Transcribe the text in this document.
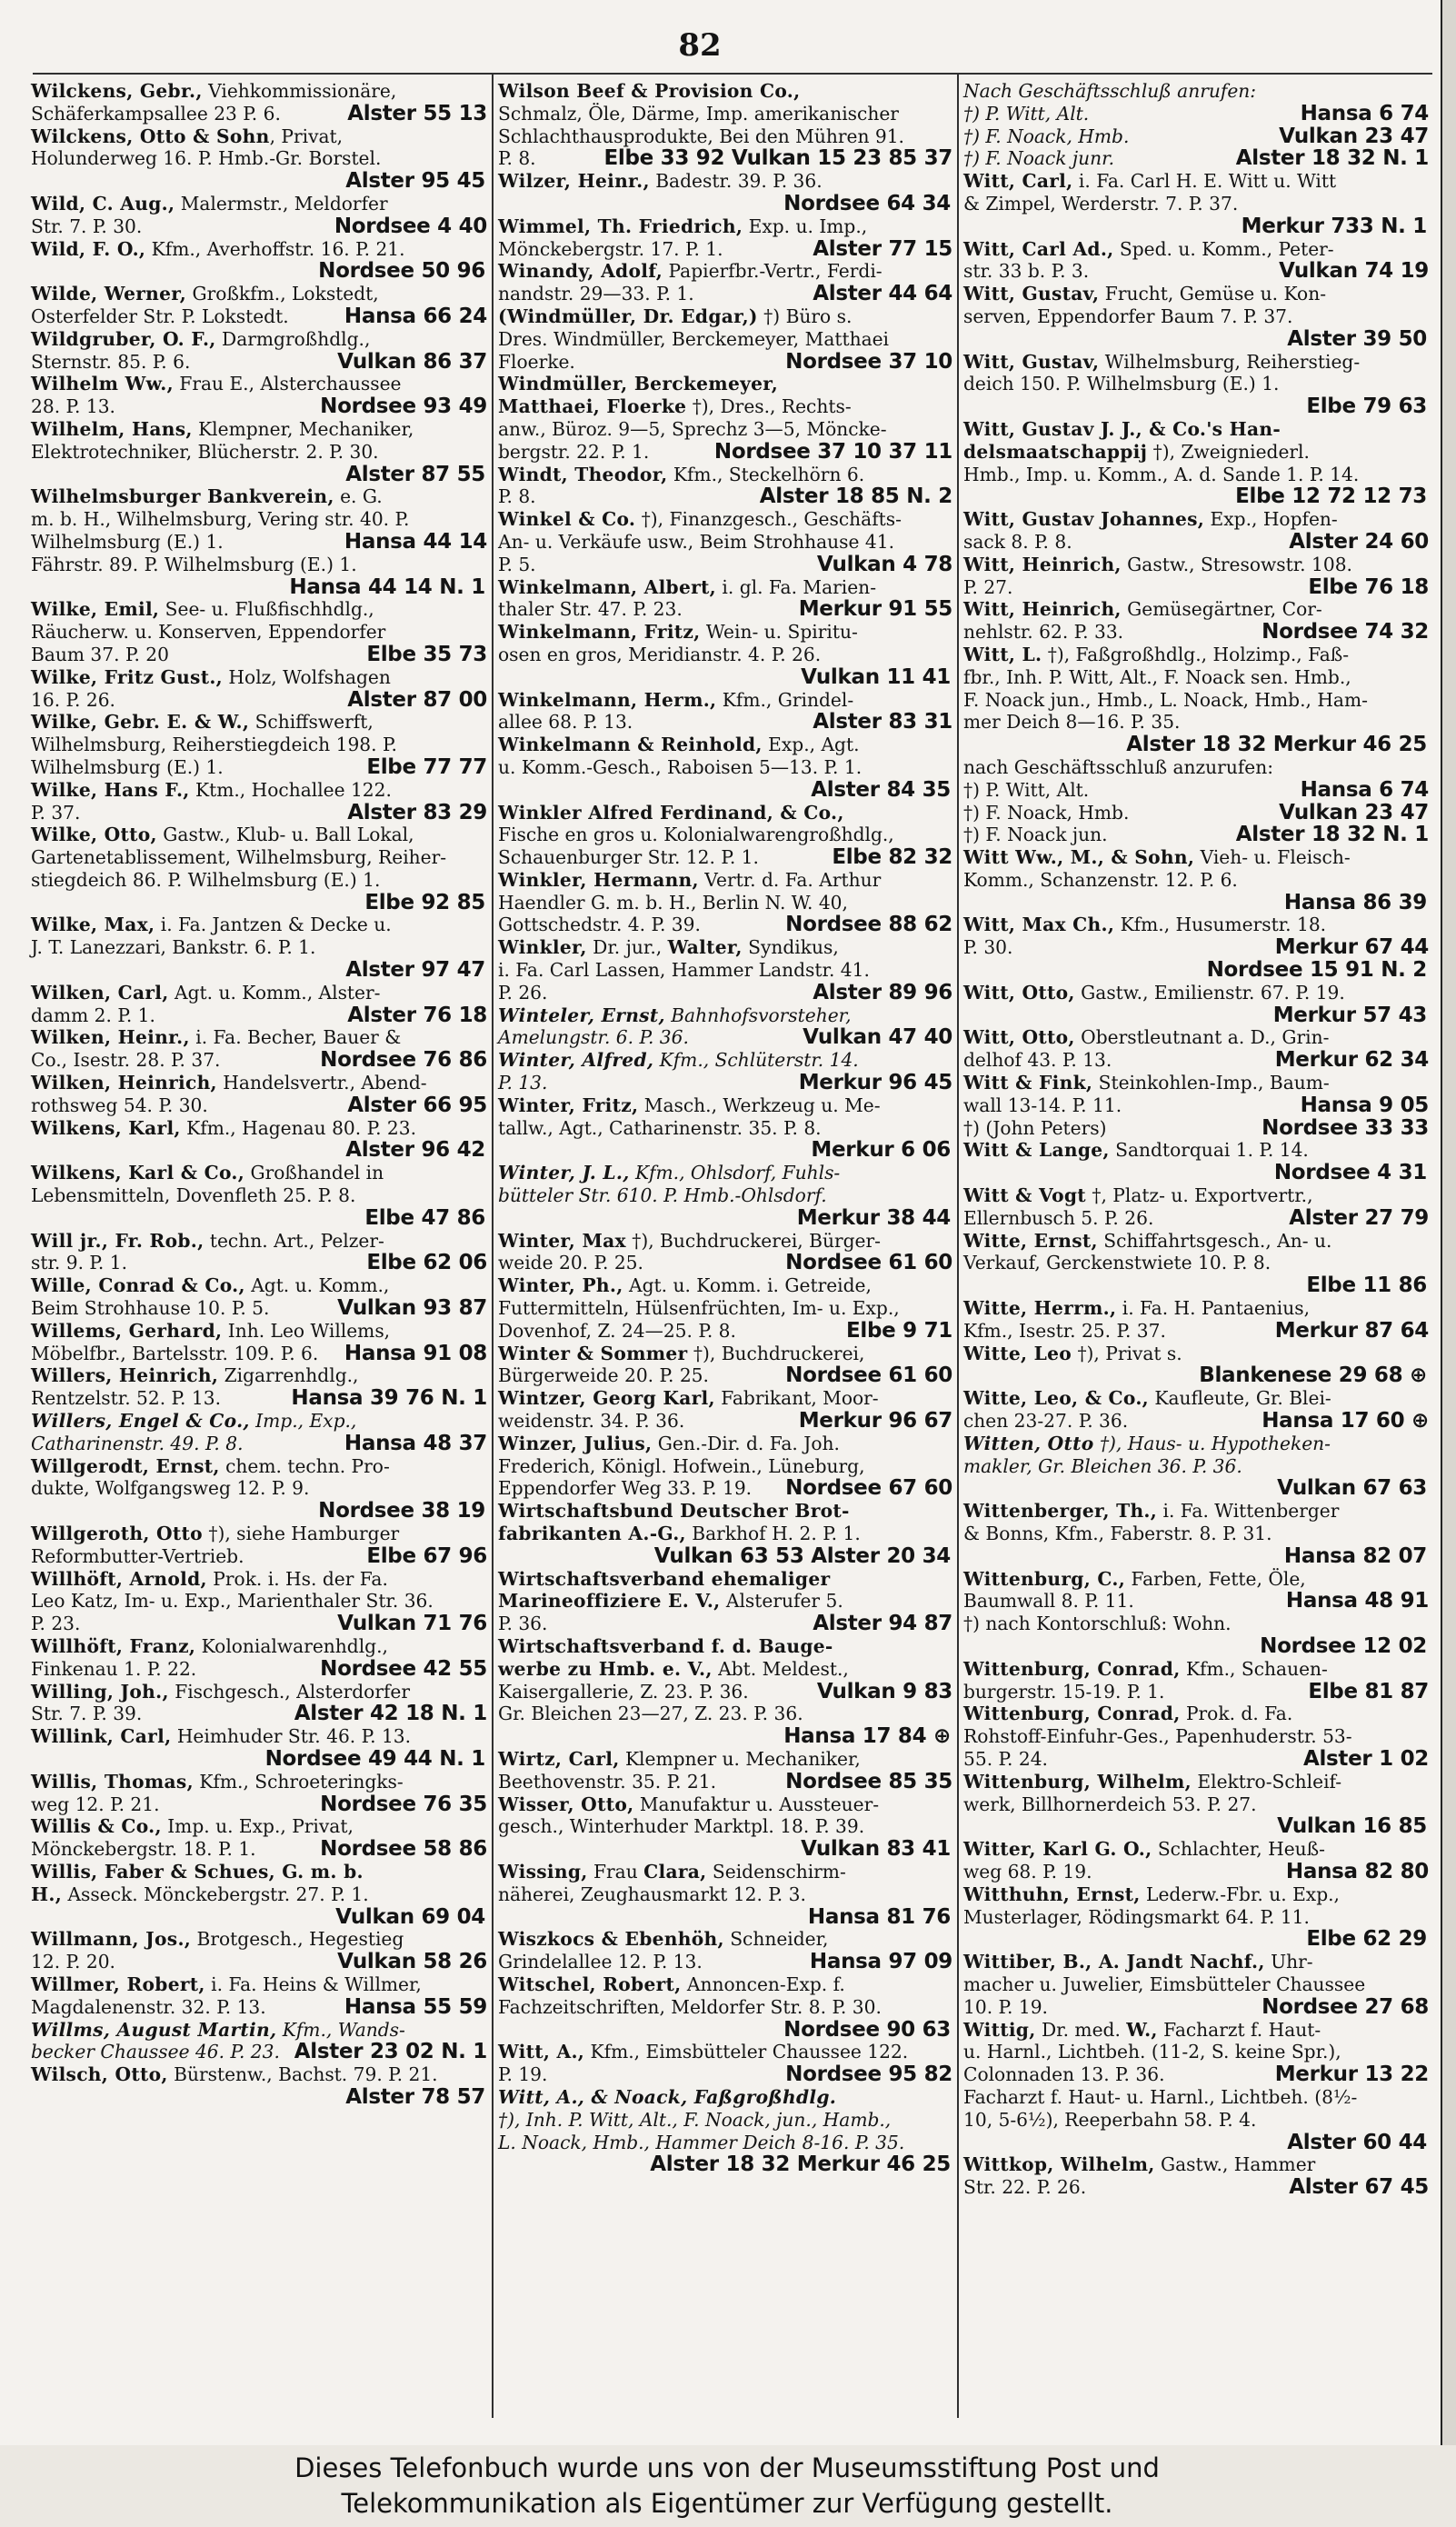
82
Wilckens, Gebr., Viehkommissionäre,
Schäferkampsallee 23 P. 6.	Alster 55 13
Wilckens, Otto & Sohn, Privat,
Holunderweg 16. P. Hmb.-Gr. Borstel.
Alster 95 45
Wild, C. Aug., Malermstr., Meldorfer
Str. 7. P. 30.	Nordsee 4 40
Wild, F. O., Kfm., Averhoffstr. 16. P. 21.
Nordsee 50 96
Wilde, Werner, Großkfm., Lokstedt,
Osterfelder Str. P. Lokstedt.	Hansa 66 24
Wildgruber, O. F., Darmgroßhdlg.,
Sternstr. 85. P. 6.	Vulkan 86 37
Wilhelm Ww., Frau E., Alsterchaussee
28. P. 13.	Nordsee 93 49
Wilhelm, Hans, Klempner, Mechaniker,
Elektrotechniker, Blücherstr. 2. P. 30.
Alster 87 55
Wilhelmsburger Bankverein, e. G.
m. b. H., Wilhelmsburg, Vering str. 40. P.
Wilhelmsburg (E.) 1.	Hansa 44 14
Fährstr. 89. P. Wilhelmsburg (E.) 1.
Hansa 44 14 N. 1
Wilke, Emil, See- u. Flußfischhdlg.,
Räucherw. u. Konserven, Eppendorfer
Baum 37. P. 20	Elbe 35 73
Wilke, Fritz Gust., Holz, Wolfshagen
16. P. 26.	Alster 87 00
Wilke, Gebr. E. & W., Schiffswerft,
Wilhelmsburg, Reiherstiegdeich 198. P.
Wilhelmsburg (E.) 1.	Elbe 77 77
Wilke, Hans F., Ktm., Hochallee 122.
P. 37.	Alster 83 29
Wilke, Otto, Gastw., Klub- u. Ball Lokal,
Gartenetablissement, Wilhelmsburg, Reiher-
stiegdeich 86. P. Wilhelmsburg (E.) 1.
Elbe 92 85
Wilke, Max, i. Fa. Jantzen & Decke u.
J. T. Lanezzari, Bankstr. 6. P. 1.
Alster 97 47
Wilken, Carl, Agt. u. Komm., Alster-
damm 2. P. 1.	Alster 76 18
Wilken, Heinr., i. Fa. Becher, Bauer &
Co., Isestr. 28. P. 37.	Nordsee 76 86
Wilken, Heinrich, Handelsvertr., Abend-
rothsweg 54. P. 30.	Alster 66 95
Wilkens, Karl, Kfm., Hagenau 80. P. 23.
Alster 96 42
Wilkens, Karl & Co., Großhandel in
Lebensmitteln, Dovenfleth 25. P. 8.
Elbe 47 86
Will jr., Fr. Rob., techn. Art., Pelzer-
str. 9. P. 1.	Elbe 62 06
Wille, Conrad & Co., Agt. u. Komm.,
Beim Strohhause 10. P. 5.	Vulkan 93 87
Willems, Gerhard, Inh. Leo Willems,
Möbelfbr., Bartelsstr. 109. P. 6. Hansa 91 08
Willers, Heinrich, Zigarrenhdlg.,
Rentzelstr. 52. P. 13.	Hansa 39 76 N. 1
Willers, Engel & Co., Imp., Exp.,
Catharinenstr. 49. P. 8.	Hansa 48 37
Willgerodt, Ernst, chem. techn. Pro-
dukte, Wolfgangsweg 12. P. 9.
Nordsee 38 19
Willgeroth, Otto †), siehe Hamburger
Reformbutter-Vertrieb.	Elbe 67 96
Willhöft, Arnold, Prok. i. Hs. der Fa.
Leo Katz, Im- u. Exp., Marienthaler Str. 36.
P. 23.	Vulkan 71 76
Willhöft, Franz, Kolonialwarenhdlg.,
Finkenau 1. P. 22.	Nordsee 42 55
Willing, Joh., Fischgesch., Alsterdorfer
Str. 7. P. 39.	Alster 42 18 N. 1
Willink, Carl, Heimhuder Str. 46. P. 13.
Nordsee 49 44 N. 1
Willis, Thomas, Kfm., Schroeteringks-
weg 12. P. 21.	Nordsee 76 35
Willis & Co., Imp. u. Exp., Privat,
Mönckebergstr. 18. P. 1.	Nordsee 58 86
Willis, Faber & Schues, G. m. b.
H., Asseck. Mönckebergstr. 27. P. 1.
Vulkan 69 04
Willmann, Jos., Brotgesch., Hegestieg
12. P. 20.	Vulkan 58 26
Willmer, Robert, i. Fa. Heins & Willmer,
Magdalenenstr. 32. P. 13.	Hansa 55 59
Willms, August Martin, Kfm., Wands-
becker Chaussee 46. P. 23. Alster 23 02 N. 1
Wilsch, Otto, Bürstenw., Bachst. 79. P. 21.
Alster 78 57
Wilson Beef & Provision Co.,
Schmalz, Öle, Därme, Imp. amerikanischer
Schlachthausprodukte, Bei den Mühren 91.
P. 8.	Elbe 33 92 Vulkan 15 23 85 37
Wilzer, Heinr., Badestr. 39. P. 36.
Nordsee 64 34
Wimmel, Th. Friedrich, Exp. u. Imp.,
Mönckebergstr. 17. P. 1.	Alster 77 15
Winandy, Adolf, Papierfbr.-Vertr., Ferdi-
nandstr. 29—33. P. 1.	Alster 44 64
(Windmüller, Dr. Edgar,) †) Büro s.
Dres. Windmüller, Berckemeyer, Matthaei
Floerke.	Nordsee 37 10
Windmüller, Berckemeyer,
Matthaei, Floerke †), Dres., Rechts-
anw., Büroz. 9—5, Sprechz 3—5, Möncke-
bergstr. 22. P. 1.	Nordsee 37 10 37 11
Windt, Theodor, Kfm., Steckelhörn 6.
P. 8.	Alster 18 85 N. 2
Winkel & Co. †), Finanzgesch., Geschäfts-
An- u. Verkäufe usw., Beim Strohhause 41.
P. 5.	Vulkan 4 78
Winkelmann, Albert, i. gl. Fa. Marien-
thaler Str. 47. P. 23.	Merkur 91 55
Winkelmann, Fritz, Wein- u. Spiritu-
osen en gros, Meridianstr. 4. P. 26.
Vulkan 11 41
Winkelmann, Herm., Kfm., Grindel-
allee 68. P. 13.	Alster 83 31
Winkelmann & Reinhold, Exp., Agt.
u. Komm.-Gesch., Raboisen 5—13. P. 1.
Alster 84 35
Winkler Alfred Ferdinand, & Co.,
Fische en gros u. Kolonialwarengroßhdlg.,
Schauenburger Str. 12. P. 1.	Elbe 82 32
Winkler, Hermann, Vertr. d. Fa. Arthur
Haendler G. m. b. H., Berlin N. W. 40,
Gottschedstr. 4. P. 39.	Nordsee 88 62
Winkler, Dr. jur., Walter, Syndikus,
i. Fa. Carl Lassen, Hammer Landstr. 41.
P. 26.	Alster 89 96
Winteler, Ernst, Bahnhofsvorsteher,
Amelungstr. 6. P. 36.	Vulkan 47 40
Winter, Alfred, Kfm., Schlüterstr. 14.
P. 13.	Merkur 96 45
Winter, Fritz, Masch., Werkzeug u. Me-
tallw., Agt., Catharinenstr. 35. P. 8.
Merkur 6 06
Winter, J. L., Kfm., Ohlsdorf, Fuhls-
bütteler Str. 610. P. Hmb.-Ohlsdorf.
Merkur 38 44
Winter, Max †), Buchdruckerei, Bürger-
weide 20. P. 25.	Nordsee 61 60
Winter, Ph., Agt. u. Komm. i. Getreide,
Futtermitteln, Hülsenfrüchten, Im- u. Exp.,
Dovenhof, Z. 24—25. P. 8.	Elbe 9 71
Winter & Sommer †), Buchdruckerei,
Bürgerweide 20. P. 25.	Nordsee 61 60
Wintzer, Georg Karl, Fabrikant, Moor-
weidenstr. 34. P. 36.	Merkur 96 67
Winzer, Julius, Gen.-Dir. d. Fa. Joh.
Frederich, Königl. Hofwein., Lüneburg,
Eppendorfer Weg 33. P. 19. Nordsee 67 60
Wirtschaftsbund Deutscher Brot-
fabrikanten A.-G., Barkhof H. 2. P. 1.
Vulkan 63 53 Alster 20 34
Wirtschaftsverband ehemaliger
Marineoffiziere E. V., Alsterufer 5.
P. 36.	Alster 94 87
Wirtschaftsverband f. d. Bauge-
werbe zu Hmb. e. V., Abt. Meldest.,
Kaisergallerie, Z. 23. P. 36.	Vulkan 9 83
Gr. Bleichen 23—27, Z. 23. P. 36.
Hansa 17 84 ⊕
Wirtz, Carl, Klempner u. Mechaniker,
Beethovenstr. 35. P. 21.	Nordsee 85 35
Wisser, Otto, Manufaktur u. Aussteuer-
gesch., Winterhuder Marktpl. 18. P. 39.
Vulkan 83 41
Wissing, Frau Clara, Seidenschirm-
näherei, Zeughausmarkt 12. P. 3.
Hansa 81 76
Wiszkocs & Ebenhöh, Schneider,
Grindelallee 12. P. 13.	Hansa 97 09
Witschel, Robert, Annoncen-Exp. f.
Fachzeitschriften, Meldorfer Str. 8. P. 30.
Nordsee 90 63
Witt, A., Kfm., Eimsbütteler Chaussee 122.
P. 19.	Nordsee 95 82
Witt, A., & Noack, Faßgroßhdlg.
†), Inh. P. Witt, Alt., F. Noack, jun., Hamb.,
L. Noack, Hmb., Hammer Deich 8-16. P. 35.
Alster 18 32 Merkur 46 25
Nach Geschäftsschluß anrufen:
†) P. Witt, Alt.	Hansa 6 74
†) F. Noack, Hmb.	Vulkan 23 47
†) F. Noack junr.	Alster 18 32 N. 1
Witt, Carl, i. Fa. Carl H. E. Witt u. Witt
& Zimpel, Werderstr. 7. P. 37.
Merkur 733 N. 1
Witt, Carl Ad., Sped. u. Komm., Peter-
str. 33 b. P. 3.	Vulkan 74 19
Witt, Gustav, Frucht, Gemüse u. Kon-
serven, Eppendorfer Baum 7. P. 37.
Alster 39 50
Witt, Gustav, Wilhelmsburg, Reiherstieg-
deich 150. P. Wilhelmsburg (E.) 1.
Elbe 79 63
Witt, Gustav J. J., & Co.'s Han-
delsmaatschappij †), Zweigniederl.
Hmb., Imp. u. Komm., A. d. Sande 1. P. 14.
Elbe 12 72 12 73
Witt, Gustav Johannes, Exp., Hopfen-
sack 8. P. 8.	Alster 24 60
Witt, Heinrich, Gastw., Stresowstr. 108.
P. 27.	Elbe 76 18
Witt, Heinrich, Gemüsegärtner, Cor-
nehlstr. 62. P. 33.	Nordsee 74 32
Witt, L. †), Faßgroßhdlg., Holzimp., Faß-
fbr., Inh. P. Witt, Alt., F. Noack sen. Hmb.,
F. Noack jun., Hmb., L. Noack, Hmb., Ham-
mer Deich 8—16. P. 35.
Alster 18 32 Merkur 46 25
nach Geschäftsschluß anzurufen:
†) P. Witt, Alt.	Hansa 6 74
†) F. Noack, Hmb.	Vulkan 23 47
†) F. Noack jun.	Alster 18 32 N. 1
Witt Ww., M., & Sohn, Vieh- u. Fleisch-
Komm., Schanzenstr. 12. P. 6.
Hansa 86 39
Witt, Max Ch., Kfm., Husumerstr. 18.
P. 30.	Merkur 67 44
Nordsee 15 91 N. 2
Witt, Otto, Gastw., Emilienstr. 67. P. 19.
Merkur 57 43
Witt, Otto, Oberstleutnant a. D., Grin-
delhof 43. P. 13.	Merkur 62 34
Witt & Fink, Steinkohlen-Imp., Baum-
wall 13-14. P. 11.	Hansa 9 05
†) (John Peters)	Nordsee 33 33
Witt & Lange, Sandtorquai 1. P. 14.
Nordsee 4 31
Witt & Vogt †, Platz- u. Exportvertr.,
Ellernbusch 5. P. 26.	Alster 27 79
Witte, Ernst, Schiffahrtsgesch., An- u.
Verkauf, Gerckenstwiete 10. P. 8.
Elbe 11 86
Witte, Herrm., i. Fa. H. Pantaenius,
Kfm., Isestr. 25. P. 37.	Merkur 87 64
Witte, Leo †), Privat s.
Blankenese 29 68 ⊕
Witte, Leo, & Co., Kaufleute, Gr. Blei-
chen 23-27. P. 36.	Hansa 17 60 ⊕
Witten, Otto †), Haus- u. Hypotheken-
makler, Gr. Bleichen 36. P. 36.
Vulkan 67 63
Wittenberger, Th., i. Fa. Wittenberger
& Bonns, Kfm., Faberstr. 8. P. 31.
Hansa 82 07
Wittenburg, C., Farben, Fette, Öle,
Baumwall 8. P. 11.	Hansa 48 91
†) nach Kontorschluß: Wohn.
Nordsee 12 02
Wittenburg, Conrad, Kfm., Schauen-
burgerstr. 15-19. P. 1.	Elbe 81 87
Wittenburg, Conrad, Prok. d. Fa.
Rohstoff-Einfuhr-Ges., Papenhuderstr. 53-
55. P. 24.	Alster 1 02
Wittenburg, Wilhelm, Elektro-Schleif-
werk, Billhornerdeich 53. P. 27.
Vulkan 16 85
Witter, Karl G. O., Schlachter, Heuß-
weg 68. P. 19.	Hansa 82 80
Witthuhn, Ernst, Lederw.-Fbr. u. Exp.,
Musterlager, Rödingsmarkt 64. P. 11.
Elbe 62 29
Wittiber, B., A. Jandt Nachf., Uhr-
macher u. Juwelier, Eimsbütteler Chaussee
10. P. 19.	Nordsee 27 68
Wittig, Dr. med. W., Facharzt f. Haut-
u. Harnl., Lichtbeh. (11-2, S. keine Spr.),
Colonnaden 13. P. 36.	Merkur 13 22
Facharzt f. Haut- u. Harnl., Lichtbeh. (8½-
10, 5-6½), Reeperbahn 58. P. 4.
Alster 60 44
Wittkop, Wilhelm, Gastw., Hammer
Str. 22. P. 26.	Alster 67 45
Dieses Telefonbuch wurde uns von der Museumsstiftung Post und
Telekommunikation als Eigentümer zur Verfügung gestellt.
